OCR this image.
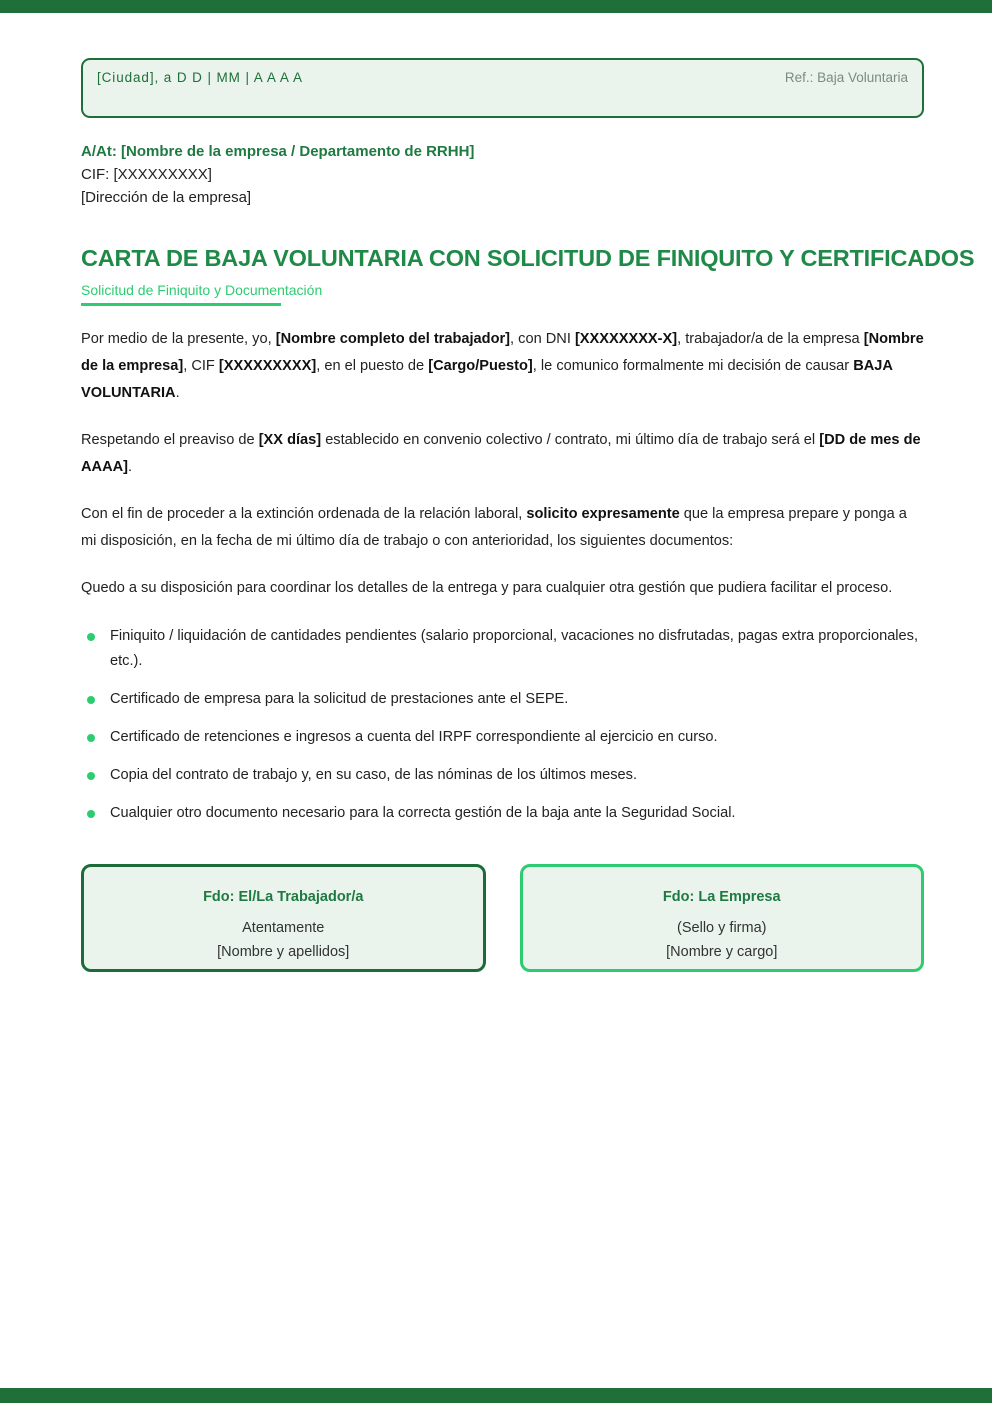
[Ciudad], a D D | MM | A A A A	Ref.: Baja Voluntaria
A/At: [Nombre de la empresa / Departamento de RRHH]
CIF: [XXXXXXXXX]
[Dirección de la empresa]
CARTA DE BAJA VOLUNTARIA CON SOLICITUD DE FINIQUITO Y CERTIFICADOS
Solicitud de Finiquito y Documentación

Por medio de la presente, yo, [Nombre completo del trabajador], con DNI [XXXXXXXX-X], trabajador/a de la empresa [Nombre de la empresa], CIF [XXXXXXXXX], en el puesto de [Cargo/Puesto], le comunico formalmente mi decisión de causar BAJA VOLUNTARIA.

Respetando el preaviso de [XX días] establecido en convenio colectivo / contrato, mi último día de trabajo será el [DD de mes de AAAA].

Con el fin de proceder a la extinción ordenada de la relación laboral, solicito expresamente que la empresa prepare y ponga a mi disposición, en la fecha de mi último día de trabajo o con anterioridad, los siguientes documentos:

Quedo a su disposición para coordinar los detalles de la entrega y para cualquier otra gestión que pudiera facilitar el proceso.

Finiquito / liquidación de cantidades pendientes (salario proporcional, vacaciones no disfrutadas, pagas extra proporcionales, etc.).
Certificado de empresa para la solicitud de prestaciones ante el SEPE.
Certificado de retenciones e ingresos a cuenta del IRPF correspondiente al ejercicio en curso.
Copia del contrato de trabajo y, en su caso, de las nóminas de los últimos meses.
Cualquier otro documento necesario para la correcta gestión de la baja ante la Seguridad Social.
Fdo: El/La Trabajador/a
Atentamente
[Nombre y apellidos]
Fdo: La Empresa
(Sello y firma)
[Nombre y cargo]
